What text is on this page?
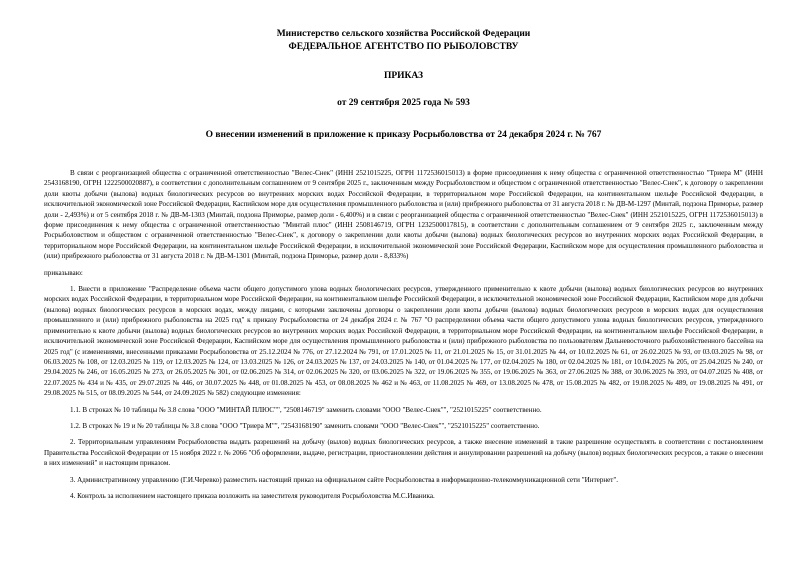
Министерство сельского хозяйства Российской Федерации
ФЕДЕРАЛЬНОЕ АГЕНТСТВО ПО РЫБОЛОВСТВУ
ПРИКАЗ
от 29 сентября 2025 года № 593
О внесении изменений в приложение к приказу Росрыболовства от 24 декабря 2024 г. № 767

В связи с реорганизацией общества с ограниченной ответственностью "Велес-Снек" (ИНН 2521015225, ОГРН 1172536015013) в форме присоединения к нему общества с ограниченной ответственностью "Триера М" (ИНН 2543168190, ОГРН 1222500020887), в соответствии с дополнительным соглашением от 9 сентября 2025 г., заключенным между Росрыболовством и обществом с ограниченной ответственностью "Велес-Снек", к договору о закреплении доли квоты добычи (вылова) водных биологических ресурсов во внутренних морских водах Российской Федерации, в территориальном море Российской Федерации, на континентальном шельфе Российской Федерации, в исключительной экономической зоне Российской Федерации, Каспийском море для осуществления промышленного рыболовства и (или) прибрежного рыболовства от 31 августа 2018 г. № ДВ-М-1297 (Минтай, подзона Приморье, размер доли - 2,493%) и от 5 сентября 2018 г. № ДВ-М-1303 (Минтай, подзона Приморье, размер доли - 6,400%) и в связи с реорганизацией общества с ограниченной ответственностью "Велес-Снек" (ИНН 2521015225, ОГРН 1172536015013) в форме присоединения к нему общества с ограниченной ответственностью "Минтай плюс" (ИНН 2508146719, ОГРН 1232500017815), в соответствии с дополнительным соглашением от 9 сентября 2025 г., заключенным между Росрыболовством и обществом с ограниченной ответственностью "Велес-Снек", к договору о закреплении доли квоты добычи (вылова) водных биологических ресурсов во внутренних морских водах Российской Федерации, в территориальном море Российской Федерации, на континентальном шельфе Российской Федерации, в исключительной экономической зоне Российской Федерации, Каспийском море для осуществления промышленного рыболовства и (или) прибрежного рыболовства от 31 августа 2018 г. № ДВ-М-1301 (Минтай, подзона Приморье, размер доли - 8,833%)

приказываю:

1. Внести в приложение "Распределение объема части общего допустимого улова водных биологических ресурсов, утвержденного применительно к квоте добычи (вылова) водных биологических ресурсов во внутренних морских водах Российской Федерации, в территориальном море Российской Федерации, на континентальном шельфе Российской Федерации, в исключительной экономической зоне Российской Федерации, Каспийском море для добычи (вылова) водных биологических ресурсов в морских водах, между лицами, с которыми заключены договоры о закреплении доли квоты добычи (вылова) водных биологических ресурсов в морских водах для осуществления промышленного и (или) прибрежного рыболовства на 2025 год" к приказу Росрыболовства от 24 декабря 2024 г. № 767 "О распределении объема части общего допустимого улова водных биологических ресурсов, утвержденного применительно к квоте добычи (вылова) водных биологических ресурсов во внутренних морских водах Российской Федерации, в территориальном море Российской Федерации, на континентальном шельфе Российской Федерации, в исключительной экономической зоне Российской Федерации, Каспийском море для осуществления промышленного рыболовства и (или) прибрежного рыболовства по пользователям Дальневосточного рыбохозяйственного бассейна на 2025 год" (с изменениями, внесенными приказами Росрыболовства от 25.12.2024 № 776, от 27.12.2024 № 791, от 17.01.2025 № 11, от 21.01.2025 № 15, от 31.01.2025 № 44, от 10.02.2025 № 61, от 26.02.2025 № 93, от 03.03.2025 № 98, от 06.03.2025 № 108, от 12.03.2025 № 119, от 12.03.2025 № 124, от 13.03.2025 № 126, от 24.03.2025 № 137, от 24.03.2025 № 140, от 01.04.2025 № 177, от 02.04.2025 № 180, от 02.04.2025 № 181, от 10.04.2025 № 205, от 25.04.2025 № 240, от 29.04.2025 № 246, от 16.05.2025 № 273, от 26.05.2025 № 301, от 02.06.2025 № 314, от 02.06.2025 № 320, от 03.06.2025 № 322, от 19.06.2025 № 355, от 19.06.2025 № 363, от 27.06.2025 № 388, от 30.06.2025 № 393, от 04.07.2025 № 408, от 22.07.2025 № 434 и № 435, от 29.07.2025 № 446, от 30.07.2025 № 448, от 01.08.2025 № 453, от 08.08.2025 № 462 и № 463, от 11.08.2025 № 469, от 13.08.2025 № 478, от 15.08.2025 № 482, от 19.08.2025 № 489, от 19.08.2025 № 491, от 29.08.2025 № 515, от 08.09.2025 № 544, от 24.09.2025 № 582) следующие изменения:

1.1. В строках № 10 таблицы № 3.8 слова "ООО "МИНТАЙ ПЛЮС"", "2508146719" заменить словами "ООО "Велес-Снек"", "2521015225" соответственно.

1.2. В строках № 19 и № 20 таблицы № 3.8 слова "ООО "Триера М"", "2543168190" заменить словами "ООО "Велес-Снек"", "2521015225" соответственно.

2. Территориальным управлениям Росрыболовства выдать разрешений на добычу (вылов) водных биологических ресурсов, а также внесение изменений в такие разрешение осуществлять в соответствии с постановлением Правительства Российской Федерации от 15 ноября 2022 г. № 2066 "Об оформлении, выдаче, регистрации, приостановлении действия и аннулировании разрешений на добычу (вылов) водных биологических ресурсов, а также о внесении в них изменений" и настоящим приказом.

3. Административному управлению (Г.И.Черевко) разместить настоящий приказ на официальном сайте Росрыболовства в информационно-телекоммуникационной сети "Интернет".

4. Контроль за исполнением настоящего приказа возложить на заместителя руководителя Росрыболовства М.С.Иваника.
